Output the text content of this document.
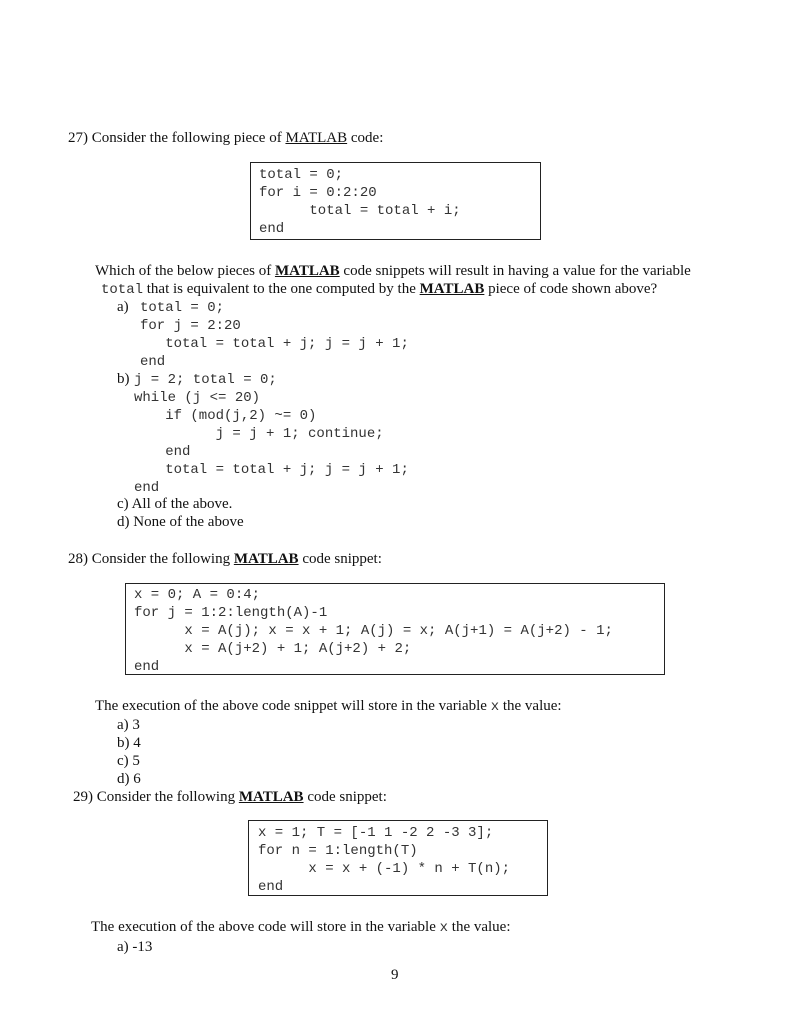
27) Consider the following piece of MATLAB code:
total = 0;
for i = 0:2:20
total = total + i;
end
Which of the below pieces of MATLAB code snippets will result in having a value for the variable
total that is equivalent to the one computed by the MATLAB piece of code shown above?
a) total = 0;
for j = 2:20
total = total + j; j = j + 1;
end
b) j = 2; total = 0;
while (j <= 20)
if (mod(j,2) ~= 0)
j = j + 1; continue;
end
total = total + j; j = j + 1;
end
c) All of the above.
d) None of the above
28) Consider the following MATLAB code snippet:
x = 0; A = 0:4;
for j = 1:2:length(A)-1
x = A(j); x = x + 1; A(j) = x; A(j+1) = A(j+2) - 1;
x = A(j+2) + 1; A(j+2) + 2;
end
The execution of the above code snippet will store in the variable x the value:
a) 3
b) 4
c) 5
d) 6
29) Consider the following MATLAB code snippet:
x = 1; T = [-1 1 -2 2 -3 3];
for n = 1:length(T)
x = x + (-1) * n + T(n);
end
The execution of the above code will store in the variable x the value:
a) -13
9
